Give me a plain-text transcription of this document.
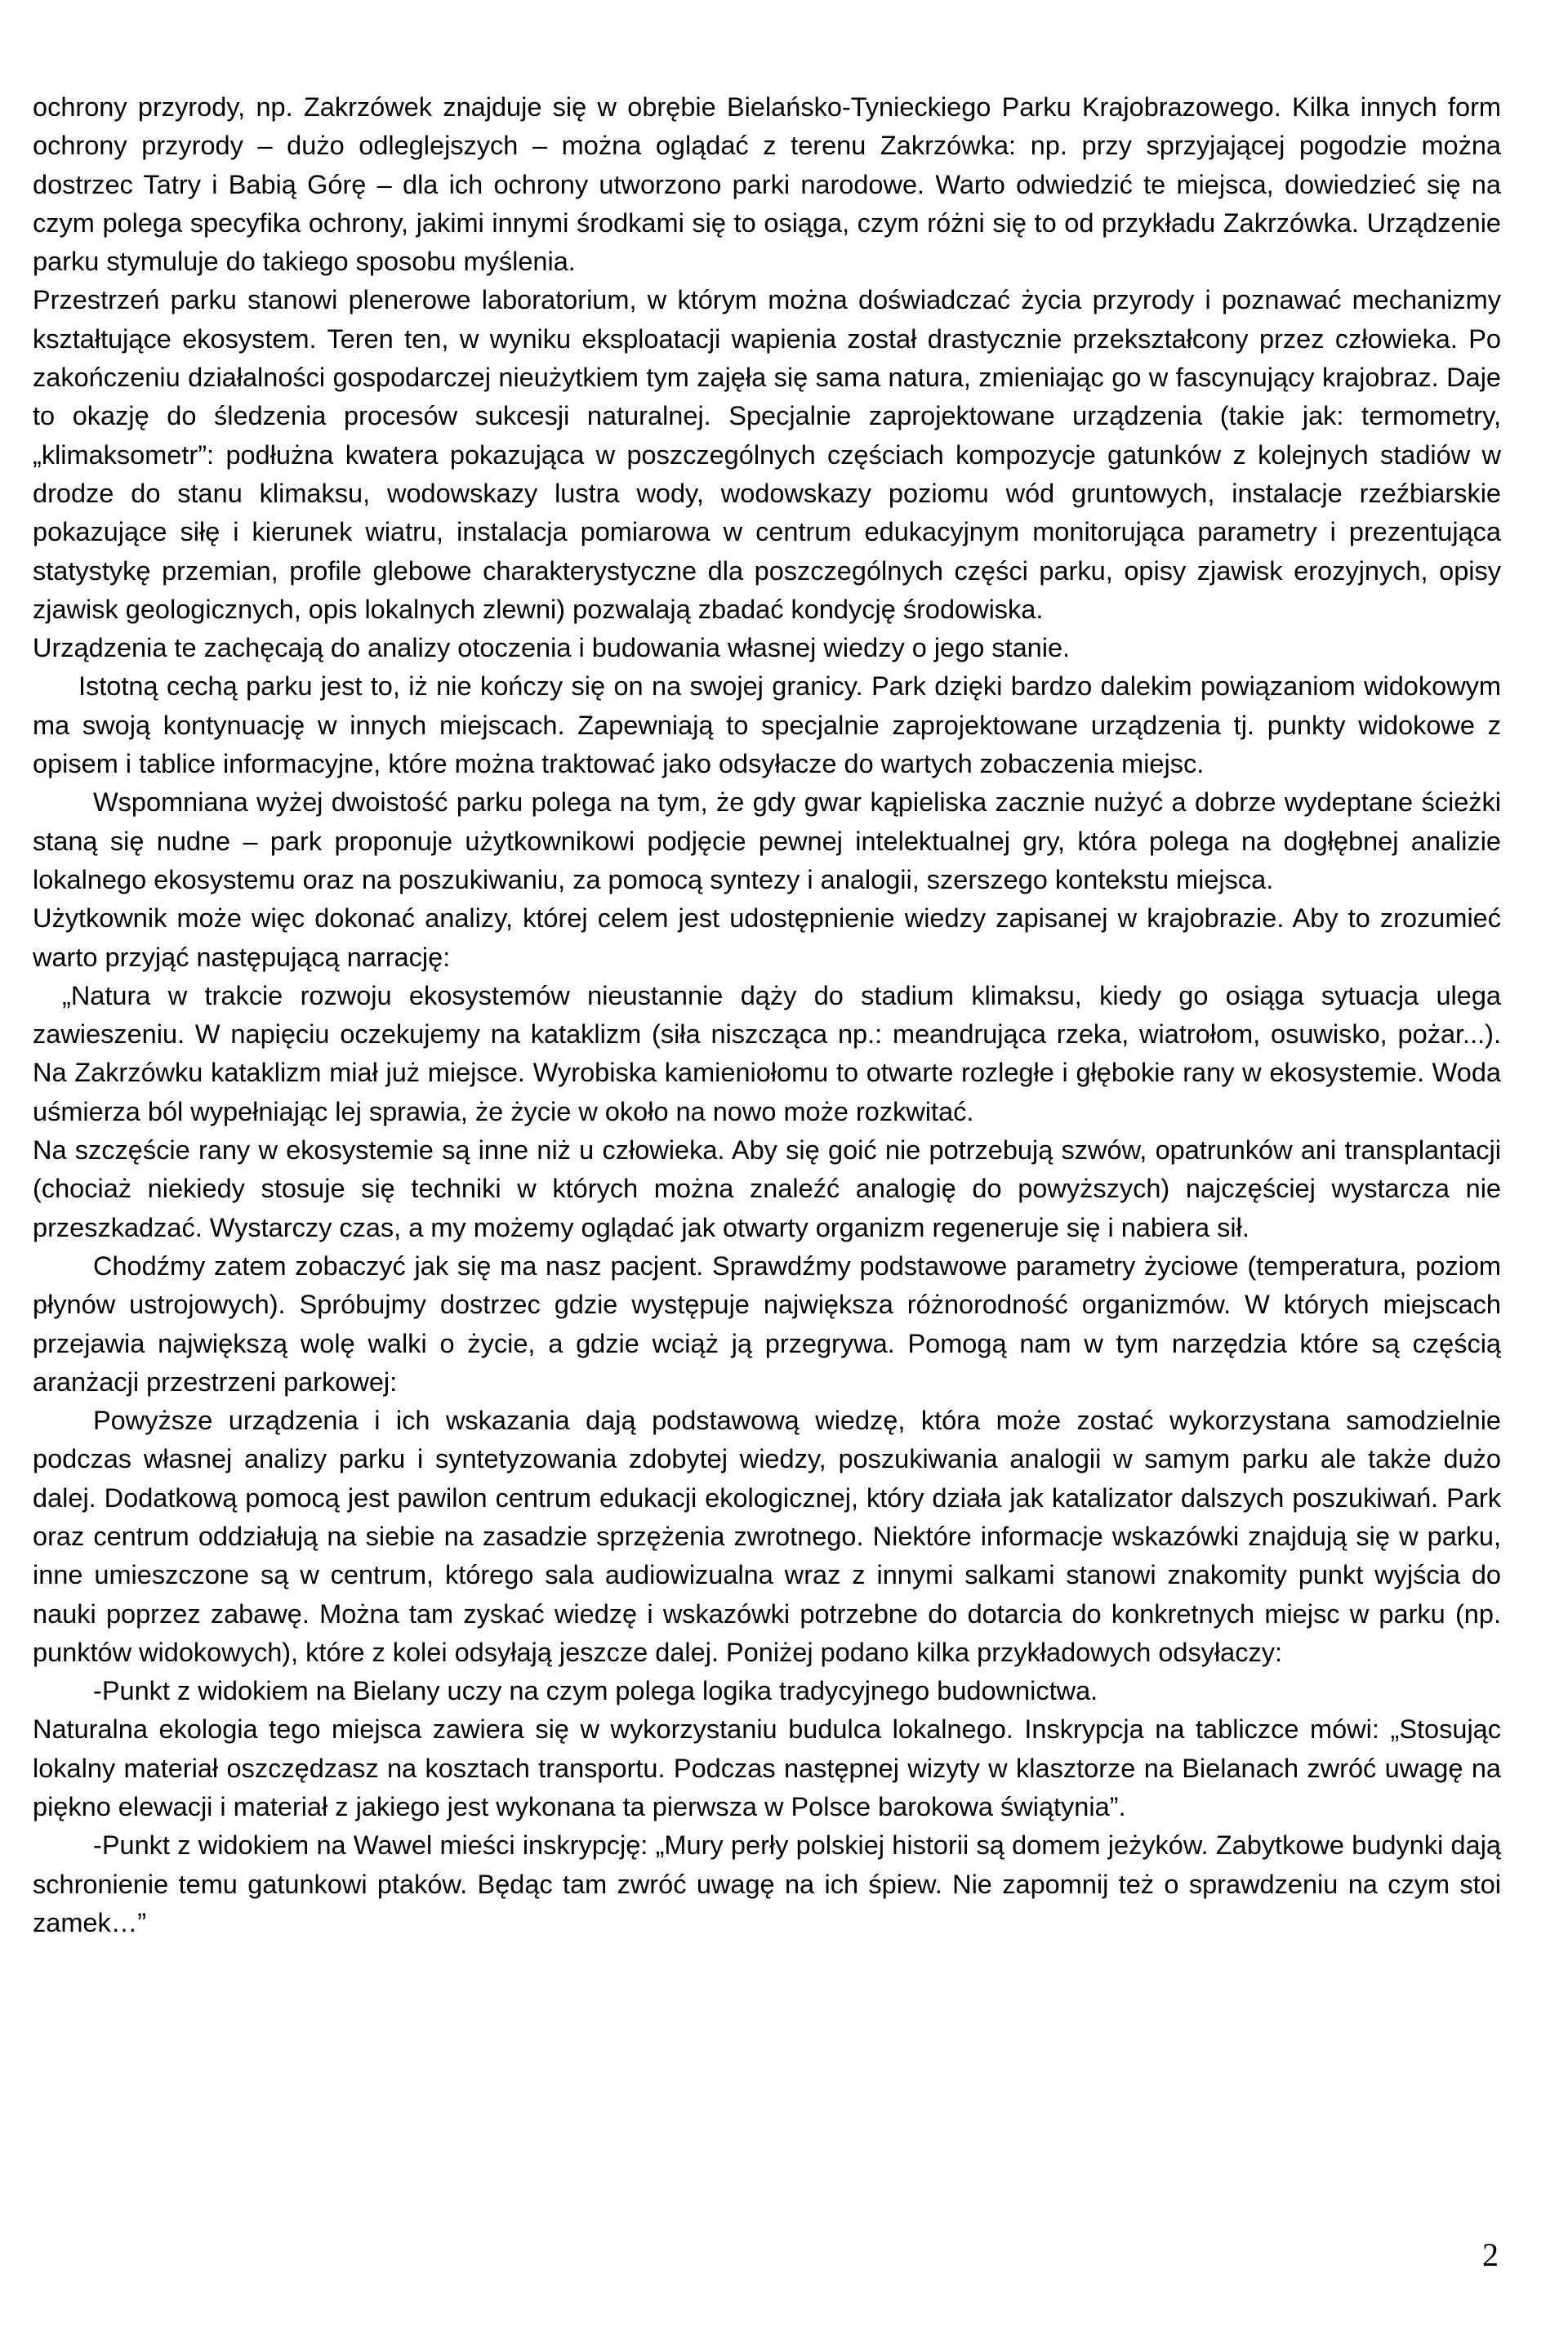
ochrony przyrody, np. Zakrzówek znajduje się w obrębie Bielańsko-Tynieckiego Parku Krajobrazowego. Kilka innych form ochrony przyrody – dużo odleglejszych – można oglądać z terenu Zakrzówka: np. przy sprzyjającej pogodzie można dostrzec Tatry i Babią Górę – dla ich ochrony utworzono parki narodowe. Warto odwiedzić te miejsca, dowiedzieć się na czym polega specyfika ochrony, jakimi innymi środkami się to osiąga, czym różni się to od przykładu Zakrzówka. Urządzenie parku stymuluje do takiego sposobu myślenia.

Przestrzeń parku stanowi plenerowe laboratorium, w którym można doświadczać życia przyrody i poznawać mechanizmy kształtujące ekosystem. Teren ten, w wyniku eksploatacji wapienia został drastycznie przekształcony przez człowieka. Po zakończeniu działalności gospodarczej nieużytkiem tym zajęła się sama natura, zmieniając go w fascynujący krajobraz. Daje to okazję do śledzenia procesów sukcesji naturalnej. Specjalnie zaprojektowane urządzenia (takie jak: termometry, „klimaksometr”: podłużna kwatera pokazująca w poszczególnych częściach kompozycje gatunków z kolejnych stadiów w drodze do stanu klimaksu, wodowskazy lustra wody, wodowskazy poziomu wód gruntowych, instalacje rzeźbiarskie pokazujące siłę i kierunek wiatru, instalacja pomiarowa w centrum edukacyjnym monitorująca parametry i prezentująca statystykę przemian, profile glebowe charakterystyczne dla poszczególnych części parku, opisy zjawisk erozyjnych, opisy zjawisk geologicznych, opis lokalnych zlewni) pozwalają zbadać kondycję środowiska.

Urządzenia te zachęcają do analizy otoczenia i budowania własnej wiedzy o jego stanie.

Istotną cechą parku jest to, iż nie kończy się on na swojej granicy. Park dzięki bardzo dalekim powiązaniom widokowym ma swoją kontynuację w innych miejscach. Zapewniają to specjalnie zaprojektowane urządzenia tj. punkty widokowe z opisem i tablice informacyjne, które można traktować jako odsyłacze do wartych zobaczenia miejsc.

Wspomniana wyżej dwoistość parku polega na tym, że gdy gwar kąpieliska zacznie nużyć a dobrze wydeptane ścieżki staną się nudne – park proponuje użytkownikowi podjęcie pewnej intelektualnej gry, która polega na dogłębnej analizie lokalnego ekosystemu oraz na poszukiwaniu, za pomocą syntezy i analogii, szerszego kontekstu miejsca.

Użytkownik może więc dokonać analizy, której celem jest udostępnienie wiedzy zapisanej w krajobrazie. Aby to zrozumieć warto przyjąć następującą narrację:

„Natura w trakcie rozwoju ekosystemów nieustannie dąży do stadium klimaksu, kiedy go osiąga sytuacja ulega zawieszeniu. W napięciu oczekujemy na kataklizm (siła niszcząca np.: meandrująca rzeka, wiatrołom, osuwisko, pożar...). Na Zakrzówku kataklizm miał już miejsce. Wyrobiska kamieniołomu to otwarte rozległe i głębokie rany w ekosystemie. Woda uśmierza ból wypełniając lej sprawia, że życie w około na nowo może rozkwitać.

Na szczęście rany w ekosystemie są inne niż u człowieka. Aby się goić nie potrzebują szwów, opatrunków ani transplantacji (chociaż niekiedy stosuje się techniki w których można znaleźć analogię do powyższych) najczęściej wystarcza nie przeszkadzać. Wystarczy czas, a my możemy oglądać jak otwarty organizm regeneruje się i nabiera sił.

Chodźmy zatem zobaczyć jak się ma nasz pacjent. Sprawdźmy podstawowe parametry życiowe (temperatura, poziom płynów ustrojowych). Spróbujmy dostrzec gdzie występuje największa różnorodność organizmów. W których miejscach przejawia największą wolę walki o życie, a gdzie wciąż ją przegrywa. Pomogą nam w tym narzędzia które są częścią aranżacji przestrzeni parkowej:

Powyższe urządzenia i ich wskazania dają podstawową wiedzę, która może zostać wykorzystana samodzielnie podczas własnej analizy parku i syntetyzowania zdobytej wiedzy, poszukiwania analogii w samym parku ale także dużo dalej. Dodatkową pomocą jest pawilon centrum edukacji ekologicznej, który działa jak katalizator dalszych poszukiwań. Park oraz centrum oddziałują na siebie na zasadzie sprzężenia zwrotnego. Niektóre informacje wskazówki znajdują się w parku, inne umieszczone są w centrum, którego sala audiowizualna wraz z innymi salkami stanowi znakomity punkt wyjścia do nauki poprzez zabawę. Można tam zyskać wiedzę i wskazówki potrzebne do dotarcia do konkretnych miejsc w parku (np. punktów widokowych), które z kolei odsyłają jeszcze dalej. Poniżej podano kilka przykładowych odsyłaczy:

-Punkt z widokiem na Bielany uczy na czym polega logika tradycyjnego budownictwa.

Naturalna ekologia tego miejsca zawiera się w wykorzystaniu budulca lokalnego. Inskrypcja na tabliczce mówi: „Stosując lokalny materiał oszczędzasz na kosztach transportu. Podczas następnej wizyty w klasztorze na Bielanach zwróć uwagę na piękno elewacji i materiał z jakiego jest wykonana ta pierwsza w Polsce barokowa świątynia”.

-Punkt z widokiem na Wawel mieści inskrypcję: „Mury perły polskiej historii są domem jeżyków. Zabytkowe budynki dają schronienie temu gatunkowi ptaków. Będąc tam zwróć uwagę na ich śpiew. Nie zapomnij też o sprawdzeniu na czym stoi zamek…”

2
